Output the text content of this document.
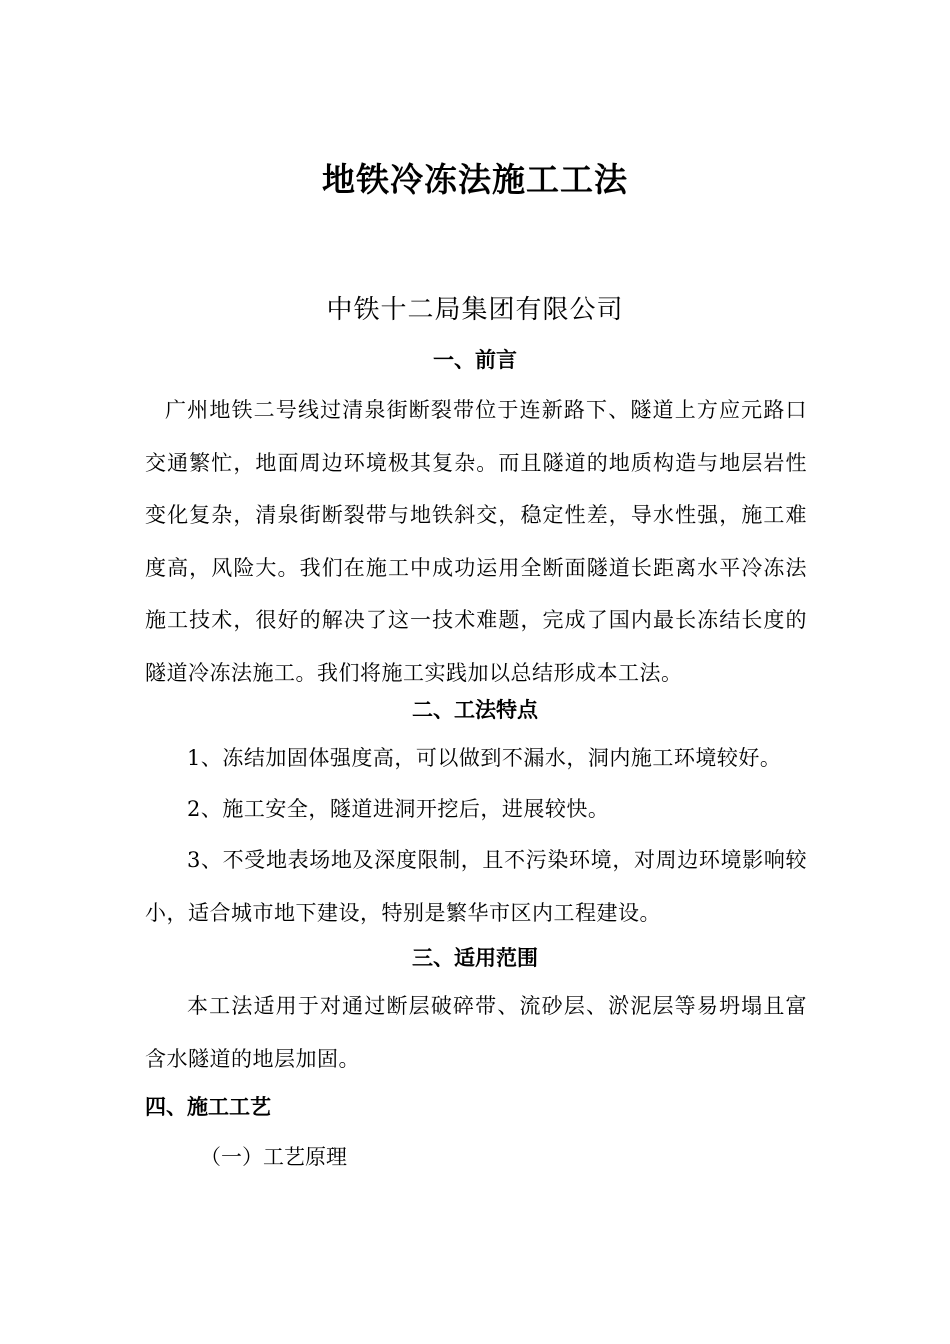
地铁冷冻法施工工法
中铁十二局集团有限公司
一、前言
广州地铁二号线过清泉街断裂带位于连新路下、隧道上方应元路口交通繁忙，地面周边环境极其复杂。而且隧道的地质构造与地层岩性变化复杂，清泉街断裂带与地铁斜交，稳定性差，导水性强，施工难度高，风险大。我们在施工中成功运用全断面隧道长距离水平冷冻法施工技术，很好的解决了这一技术难题，完成了国内最长冻结长度的隧道冷冻法施工。我们将施工实践加以总结形成本工法。
二、工法特点
1、冻结加固体强度高，可以做到不漏水，洞内施工环境较好。
2、施工安全，隧道进洞开挖后，进展较快。
3、不受地表场地及深度限制，且不污染环境，对周边环境影响较小，适合城市地下建设，特别是繁华市区内工程建设。
三、适用范围
本工法适用于对通过断层破碎带、流砂层、淤泥层等易坍塌且富含水隧道的地层加固。
四、施工工艺
（一）工艺原理
